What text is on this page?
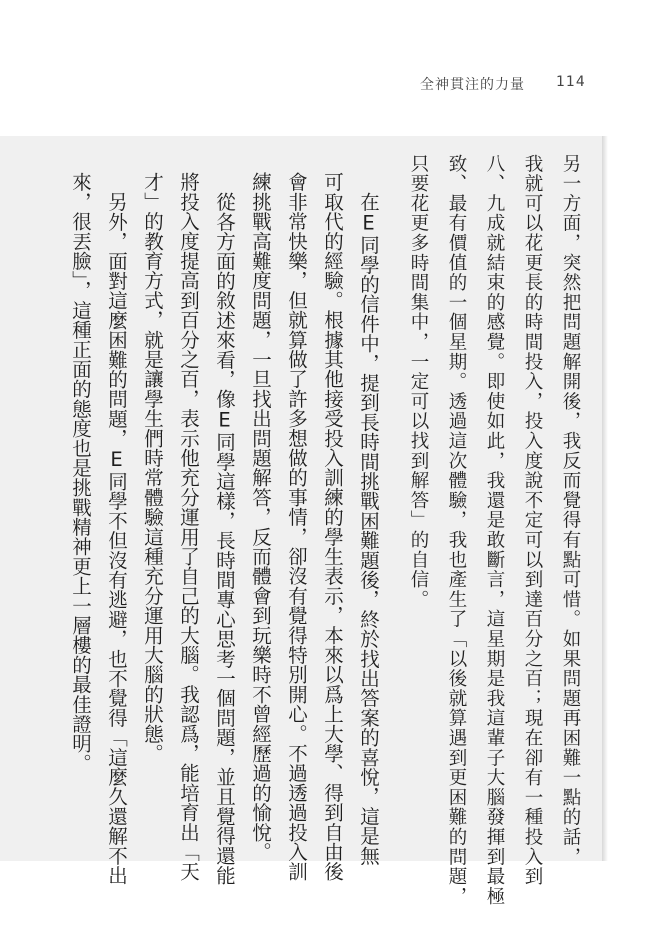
全神貫注的力量 114
另一方面，突然把問題解開後，我反而覺得有點可惜。如果問題再困難一點的話，
我就可以花更長的時間投入，投入度說不定可以到達百分之百；現在卻有一種投入到
八、九成就結束的感覺。即使如此，我還是敢斷言，這星期是我這輩子大腦發揮到最極
致、最有價值的一個星期。透過這次體驗，我也產生了「以後就算遇到更困難的問題，
只要花更多時間集中，一定可以找到解答」的自信。
在E同學的信件中，提到長時間挑戰困難題後，終於找出答案的喜悅，這是無
可取代的經驗。根據其他接受投入訓練的學生表示，本來以爲上大學、得到自由後
會非常快樂，但就算做了許多想做的事情，卻沒有覺得特別開心。不過透過投入訓
練挑戰高難度問題，一旦找出問題解答，反而體會到玩樂時不曾經歷過的愉悅。
從各方面的敘述來看，像E同學這樣，長時間專心思考一個問題，並且覺得還能
將投入度提高到百分之百，表示他充分運用了自己的大腦。我認爲，能培育出「天
才」的教育方式，就是讓學生們時常體驗這種充分運用大腦的狀態。
另外，面對這麼困難的問題，E同學不但沒有逃避，也不覺得「這麼久還解不出
來，很丟臉」，這種正面的態度也是挑戰精神更上一層樓的最佳證明。
